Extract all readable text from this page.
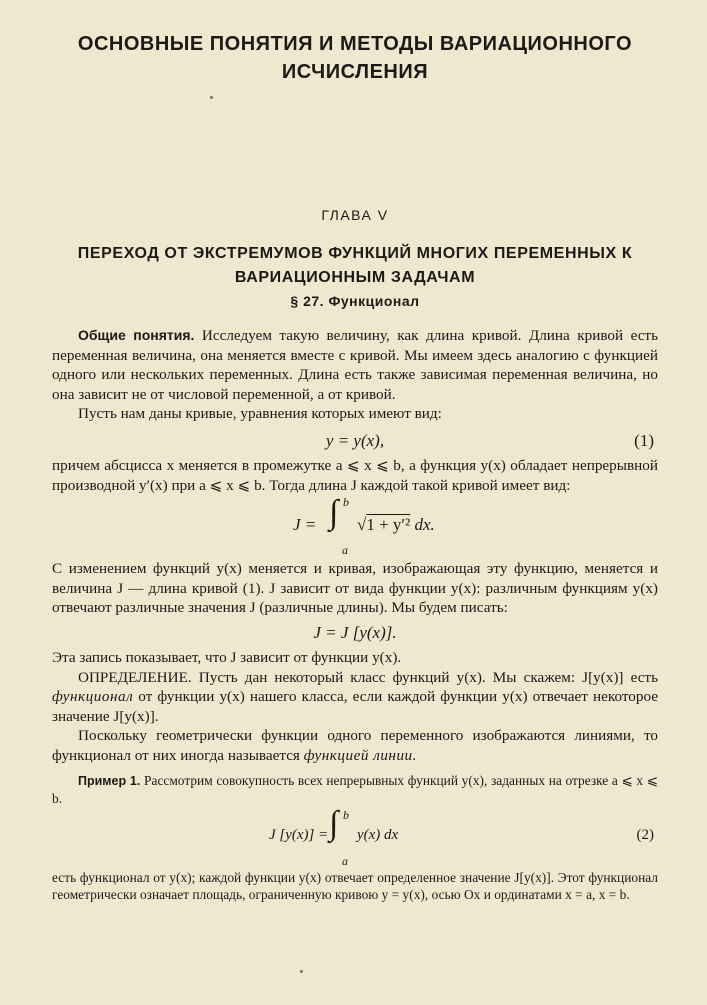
ОСНОВНЫЕ ПОНЯТИЯ И МЕТОДЫ ВАРИАЦИОННОГО ИСЧИСЛЕНИЯ
ГЛАВА V
ПЕРЕХОД ОТ ЭКСТРЕМУМОВ ФУНКЦИЙ МНОГИХ ПЕРЕМЕННЫХ К ВАРИАЦИОННЫМ ЗАДАЧАМ
§ 27. Функционал

Общие понятия. Исследуем такую величину, как длина кривой. Длина кривой есть переменная величина, она меняется вместе с кривой. Мы имеем здесь аналогию с функцией одного или нескольких переменных. Длина есть также зависимая переменная величина, но она зависит не от числовой переменной, а от кривой.

Пусть нам даны кривые, уравнения которых имеют вид:

y = y(x),	(1)

причем абсцисса x меняется в промежутке a ⩽ x ⩽ b, а функция y(x) обладает непрерывной производной y′(x) при a ⩽ x ⩽ b. Тогда длина J каждой такой кривой имеет вид:

J =
b
∫
a
√1 + y′² dx.

С изменением функций y(x) меняется и кривая, изображающая эту функцию, меняется и величина J — длина кривой (1). J зависит от вида функции y(x): различным функциям y(x) отвечают различные значения J (различные длины). Мы будем писать:

J = J [y(x)].

Эта запись показывает, что J зависит от функции y(x).

ОПРЕДЕЛЕНИЕ. Пусть дан некоторый класс функций y(x). Мы скажем: J[y(x)] есть функционал от функции y(x) нашего класса, если каждой функции y(x) отвечает некоторое значение J[y(x)].

Поскольку геометрически функции одного переменного изображаются линиями, то функционал от них иногда называется функцией линии.

Пример 1. Рассмотрим совокупность всех непрерывных функций y(x), заданных на отрезке a ⩽ x ⩽ b.

J [y(x)] =
b
∫
a
y(x) dx	(2)

есть функционал от y(x); каждой функции y(x) отвечает определенное значение J[y(x)]. Этот функционал геометрически означает площадь, ограниченную кривою y = y(x), осью Ox и ординатами x = a, x = b.
